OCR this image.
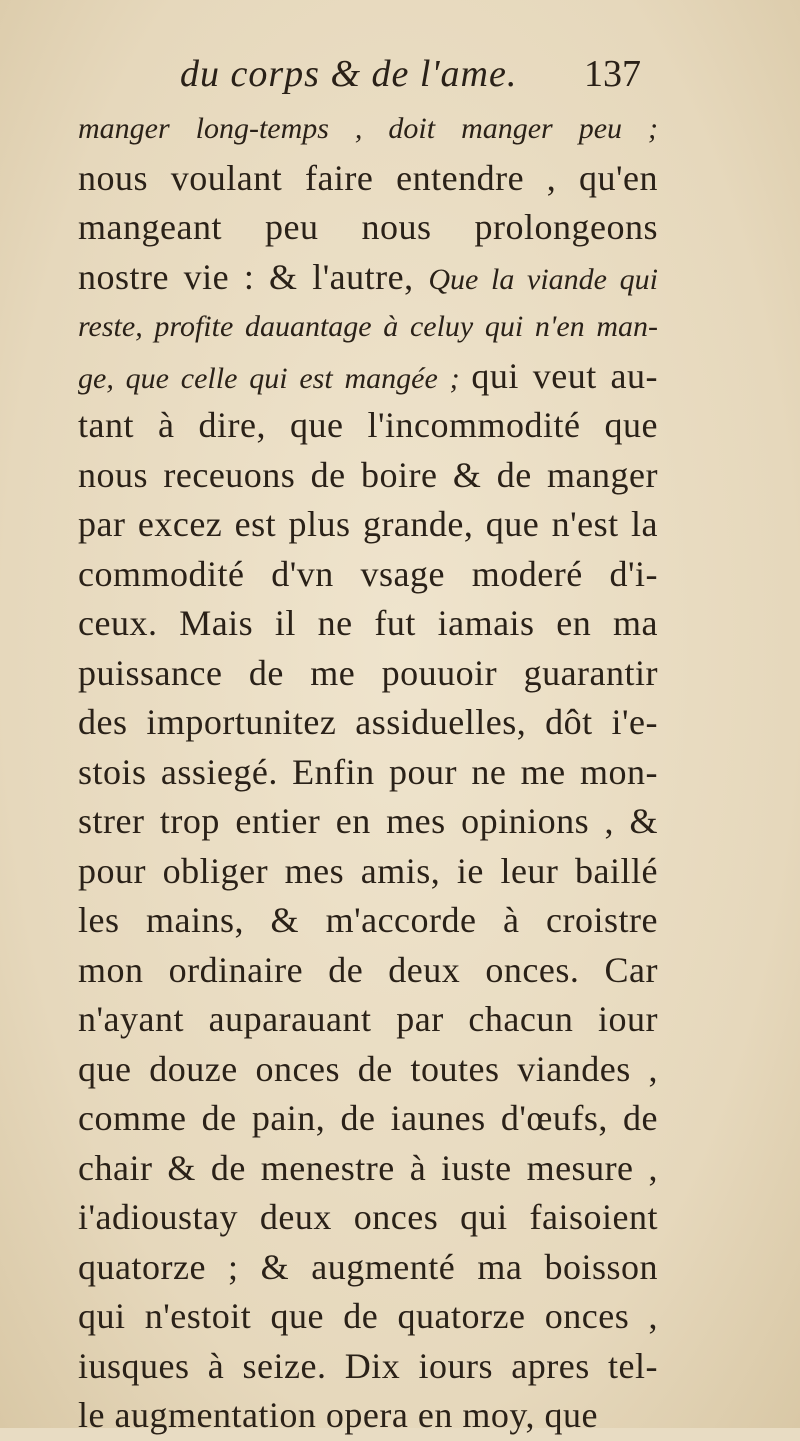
du corps & de l'ame. 137
manger long-temps , doit manger peu ;
nous voulant faire entendre , qu'en
mangeant peu nous prolongeons
nostre vie : & l'autre, Que la viande qui
reste, profite dauantage à celuy qui n'en man-
ge, que celle qui est mangée ; qui veut au-
tant à dire, que l'incommodité que
nous receuons de boire & de manger
par excez est plus grande, que n'est la
commodité d'vn vsage moderé d'i-
ceux. Mais il ne fut iamais en ma
puissance de me pouuoir guarantir
des importunitez assiduelles, dôt i'e-
stois assiegé. Enfin pour ne me mon-
strer trop entier en mes opinions , &
pour obliger mes amis, ie leur baillé
les mains, & m'accorde à croistre
mon ordinaire de deux onces. Car
n'ayant auparauant par chacun iour
que douze onces de toutes viandes ,
comme de pain, de iaunes d'œufs, de
chair & de menestre à iuste mesure ,
i'adioustay deux onces qui faisoient
quatorze ; & augmenté ma boisson
qui n'estoit que de quatorze onces ,
iusques à seize. Dix iours apres tel-
le augmentation opera en moy, que
